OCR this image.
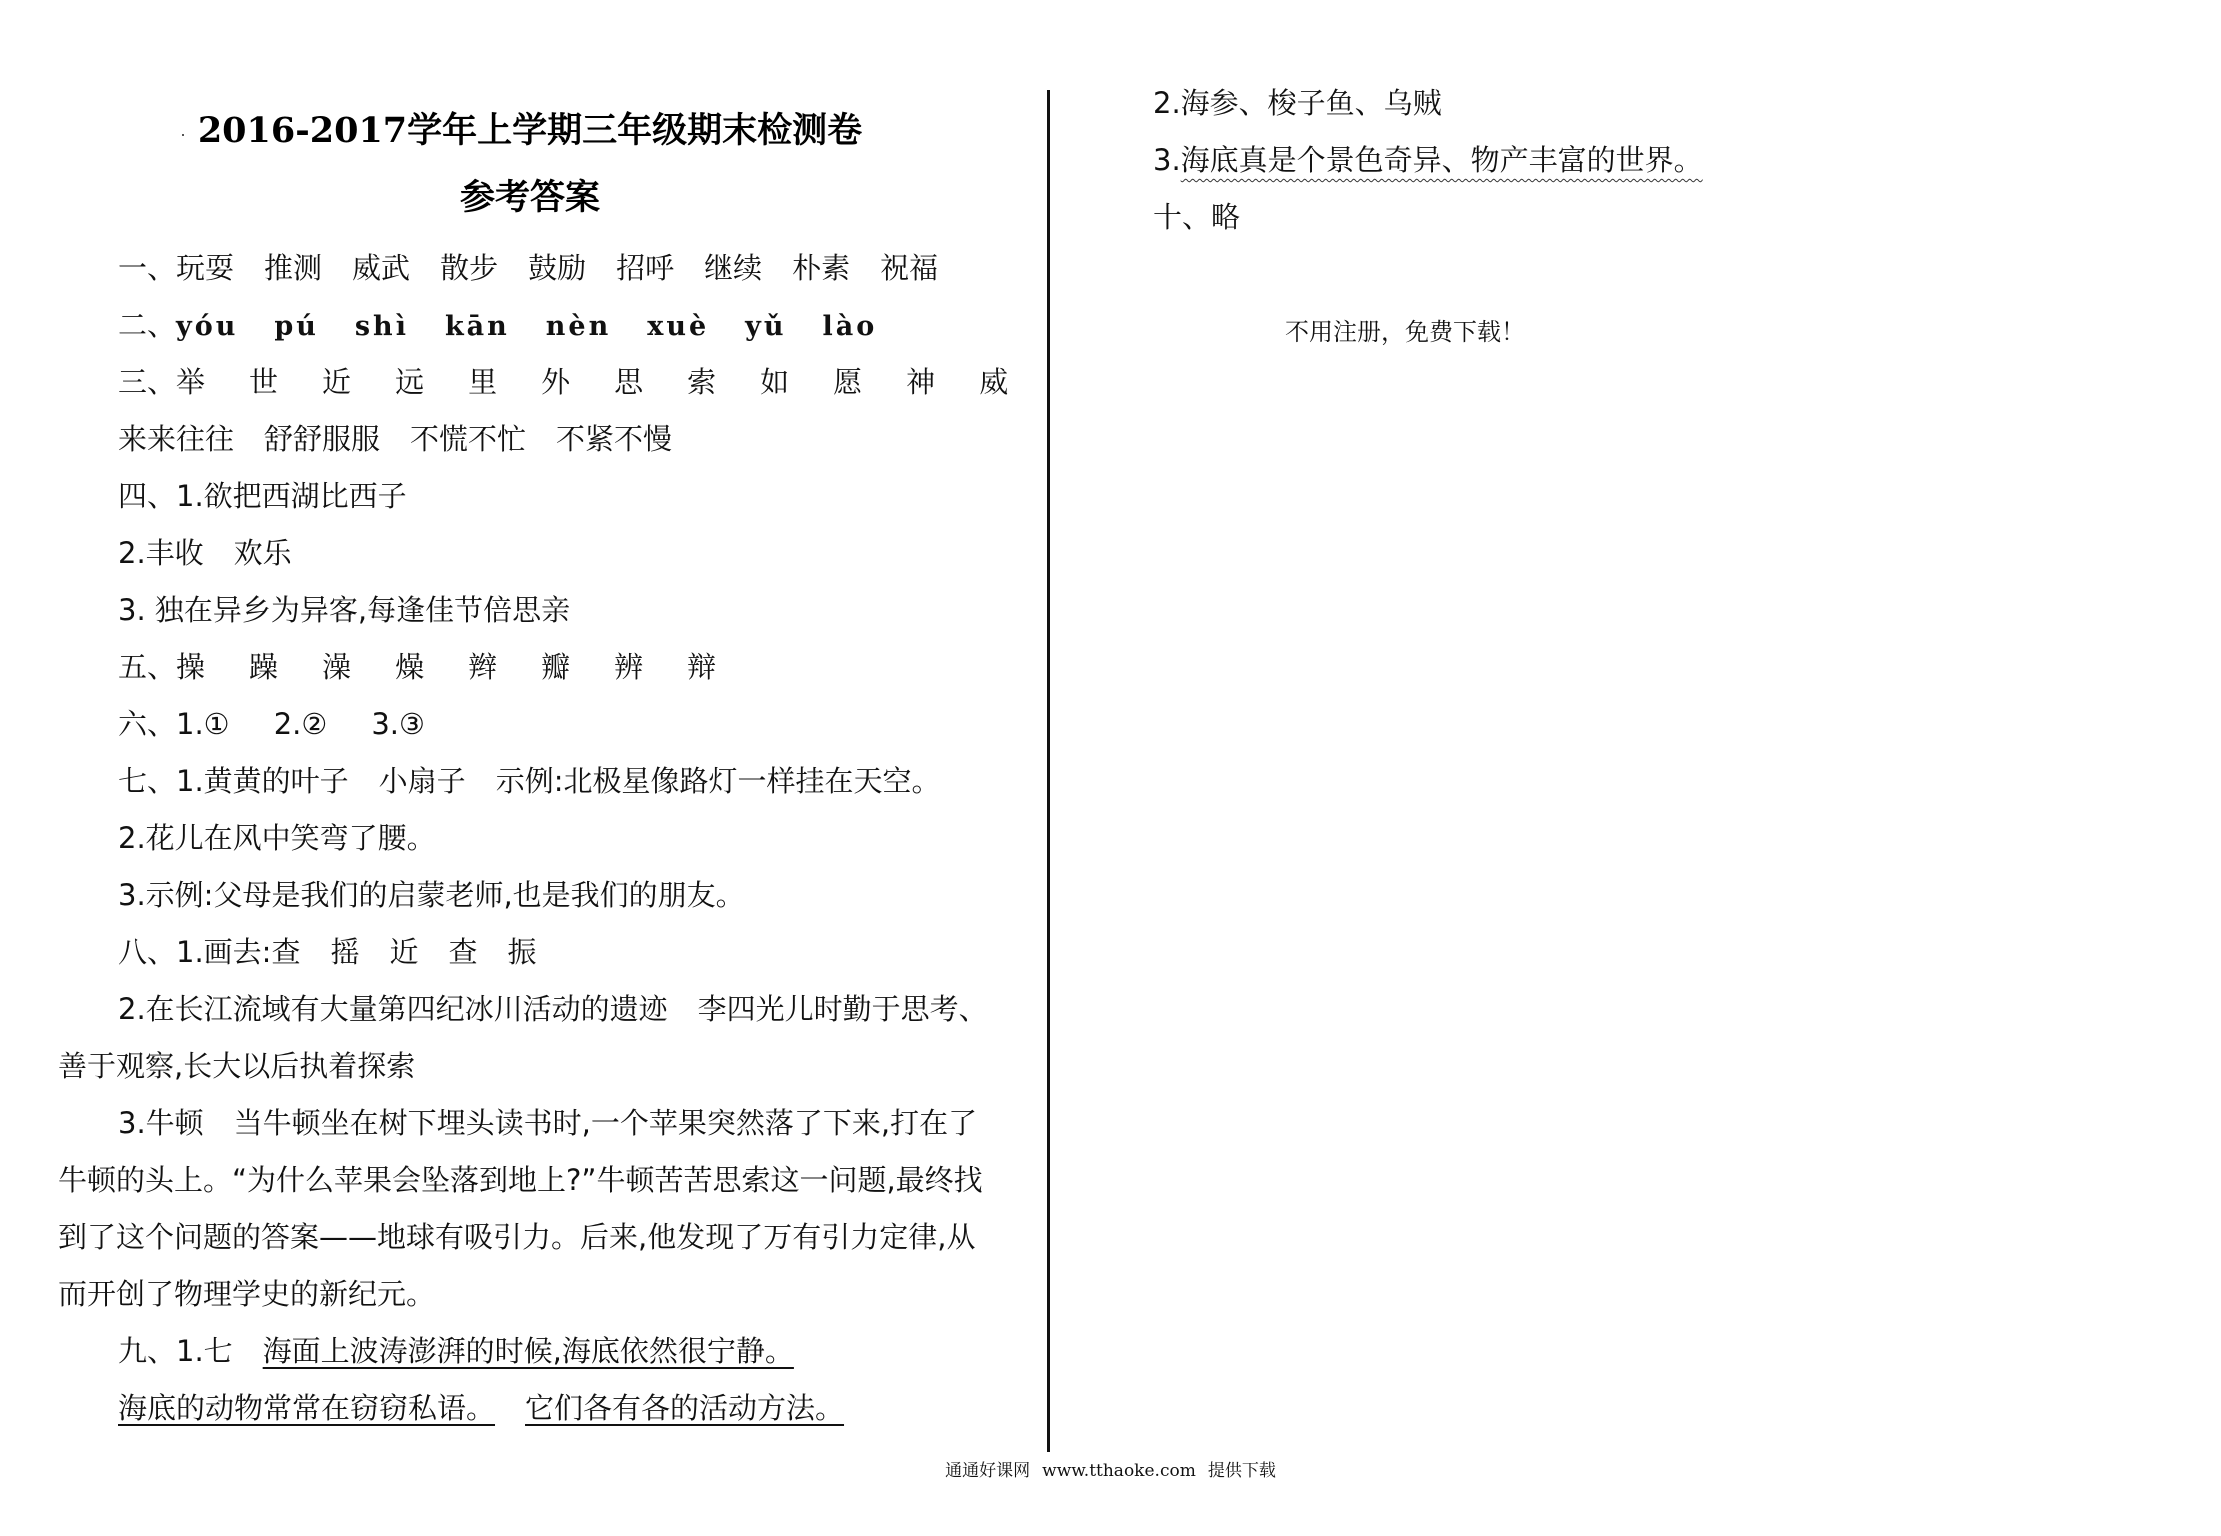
2016-2017学年上学期三年级期末检测卷
参考答案
一、玩耍 推测 威武 散步 鼓励 招呼 继续 朴素 祝福
二、yóu pú shì kān nèn xuè yǔ lào
三、举 世 近 远 里 外 思 索 如 愿 神 威
来来往往 舒舒服服 不慌不忙 不紧不慢
四、1.欲把西湖比西子
2.丰收 欢乐
3. 独在异乡为异客,每逢佳节倍思亲
五、操 躁 澡 燥 辫 瓣 辨 辩
六、1.① 2.② 3.③
七、1.黄黄的叶子 小扇子 示例:北极星像路灯一样挂在天空。
2.花儿在风中笑弯了腰。
3.示例:父母是我们的启蒙老师,也是我们的朋友。
八、1.画去:查 摇 近 查 振
2.在长江流域有大量第四纪冰川活动的遗迹 李四光儿时勤于思考、
善于观察,长大以后执着探索
3.牛顿 当牛顿坐在树下埋头读书时,一个苹果突然落了下来,打在了
牛顿的头上。“为什么苹果会坠落到地上?”牛顿苦苦思索这一问题,最终找
到了这个问题的答案——地球有吸引力。后来,他发现了万有引力定律,从
而开创了物理学史的新纪元。
九、1.七 海面上波涛澎湃的时候,海底依然很宁静。
海底的动物常常在窃窃私语。 它们各有各的活动方法。
2.海参、梭子鱼、乌贼
3.海底真是个景色奇异、物产丰富的世界。
十、略
不用注册，免费下载！
通通好课网 www.tthaoke.com 提供下载
